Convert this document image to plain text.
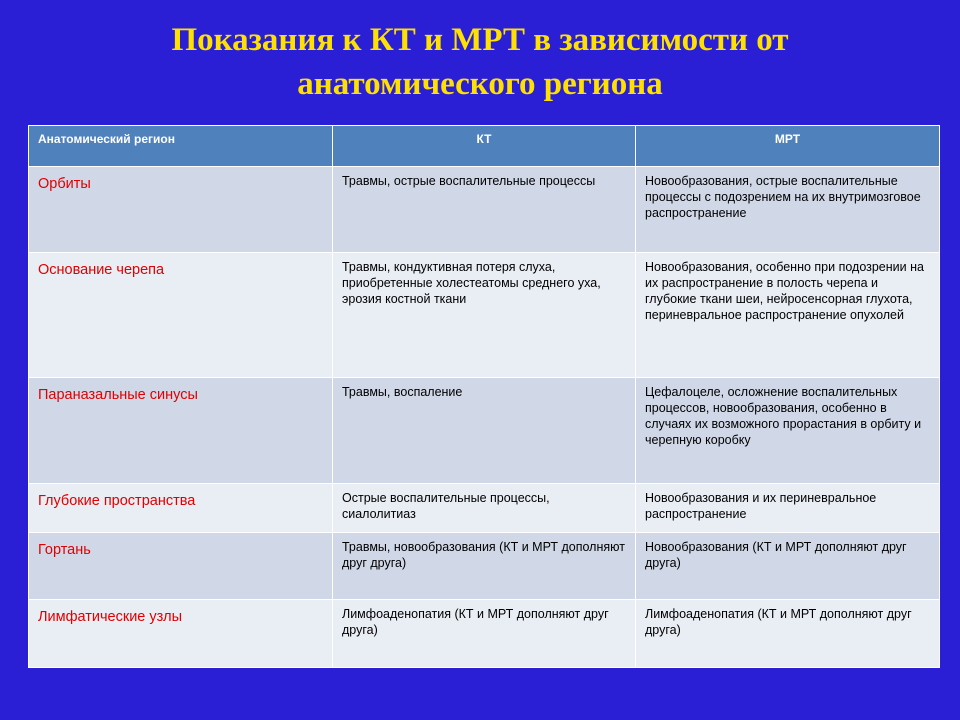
Показания к КТ и МРТ в зависимости от
анатомического региона
Анатомический регион	КТ	МРТ
Орбиты	Травмы, острые воспалительные процессы	Новообразования, острые воспалительные процессы с подозрением на их внутримозговое распространение
Основание черепа	Травмы, кондуктивная потеря слуха, приобретенные холестеатомы среднего уха, эрозия костной ткани	Новообразования, особенно при подозрении на их распространение в полость черепа и глубокие ткани шеи, нейросенсорная глухота, периневральное распространение опухолей
Параназальные синусы	Травмы, воспаление	Цефалоцеле, осложнение воспалительных процессов, новообразования, особенно в случаях их возможного прорастания в орбиту и черепную коробку
Глубокие пространства	Острые воспалительные процессы, сиалолитиаз	Новообразования и их периневральное распространение
Гортань	Травмы, новообразования (КТ и МРТ дополняют друг друга)	Новообразования (КТ и МРТ дополняют друг друга)
Лимфатические узлы	Лимфоаденопатия (КТ и МРТ дополняют друг друга)	Лимфоаденопатия (КТ и МРТ дополняют друг друга)
